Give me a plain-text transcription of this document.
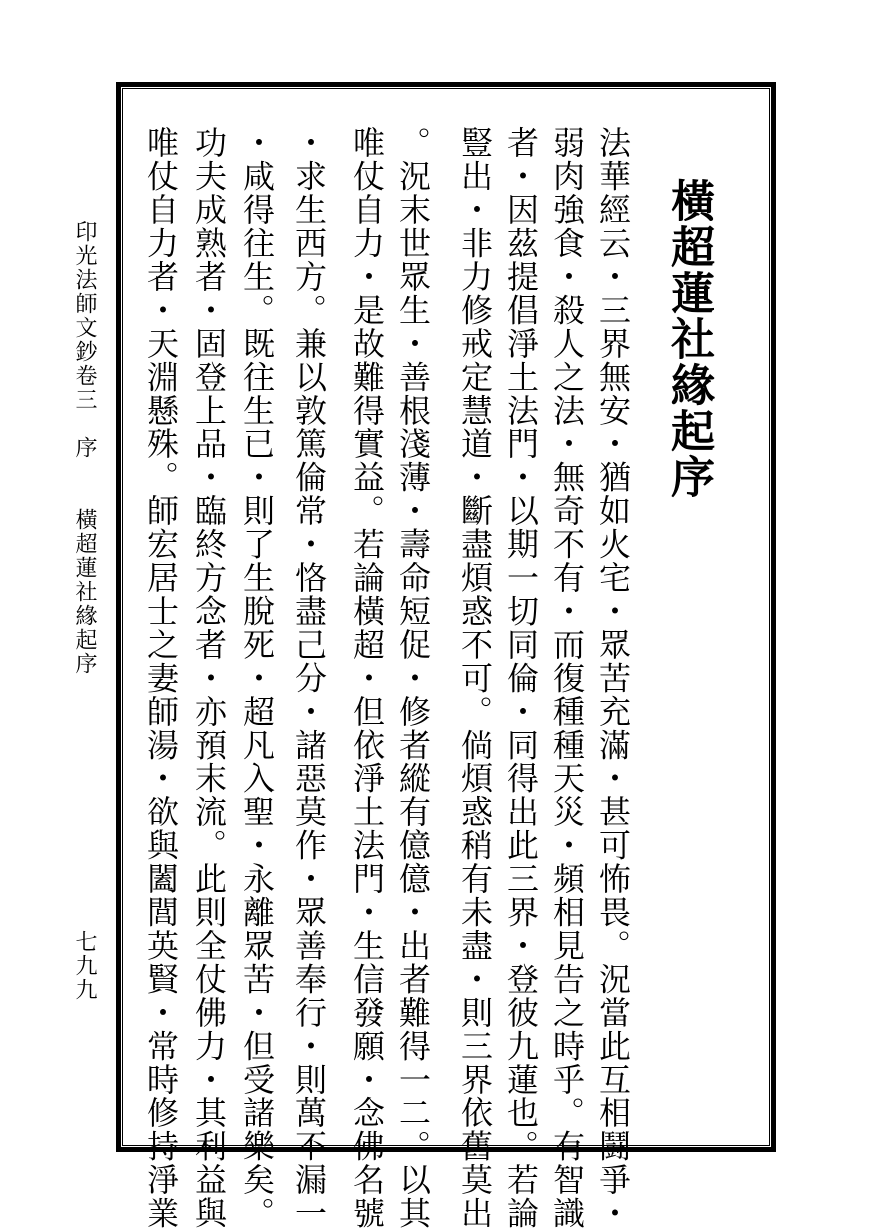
印光法師文鈔卷三　序　　橫超蓮社緣起序
七九九
橫超蓮社緣起序
法華經云・三界無安・猶如火宅・眾苦充滿・甚可怖畏。況當此互相鬪爭・
弱肉強食・殺人之法・無奇不有・而復種種天災・頻相見告之時乎。有智識
者・因茲提倡淨土法門・以期一切同倫・同得出此三界・登彼九蓮也。若論
豎出・非力修戒定慧道・斷盡煩惑不可。倘煩惑稍有未盡・則三界依舊莫出
。況末世眾生・善根淺薄・壽命短促・修者縱有億億・出者難得一二。以其
唯仗自力・是故難得實益。若論橫超・但依淨土法門・生信發願・念佛名號
・求生西方。兼以敦篤倫常・恪盡己分・諸惡莫作・眾善奉行・則萬不漏一
・咸得往生。既往生已・則了生脫死・超凡入聖・永離眾苦・但受諸樂矣。
功夫成熟者・固登上品・臨終方念者・亦預末流。此則全仗佛力・其利益與
唯仗自力者・天淵懸殊。師宏居士之妻師湯・欲與闔閭英賢・常時修持淨業
